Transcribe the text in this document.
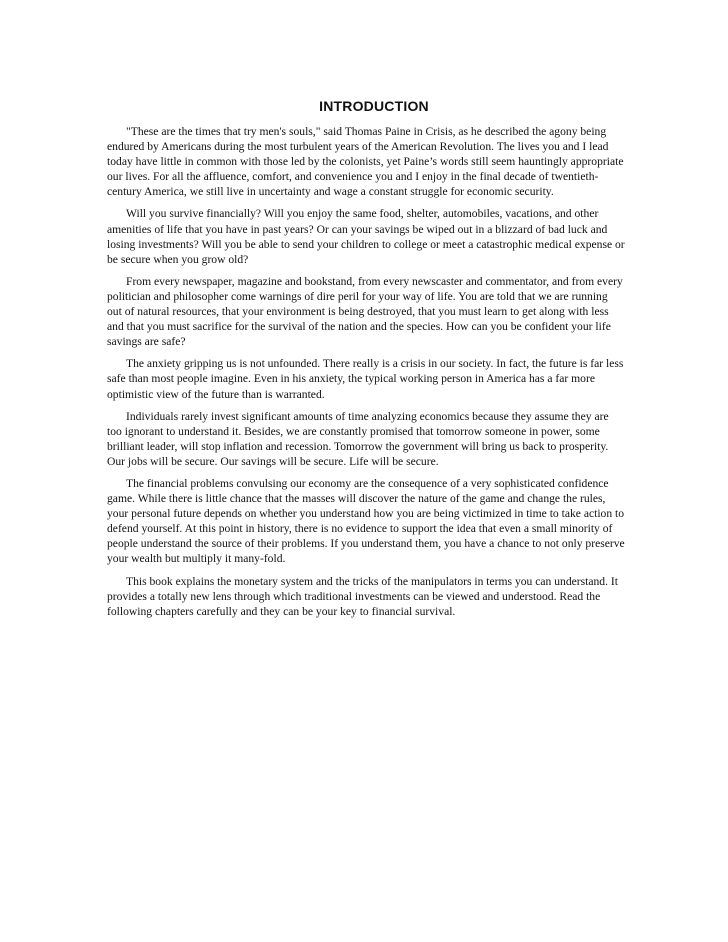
INTRODUCTION

"These are the times that try men's souls," said Thomas Paine in Crisis, as he described the agony being endured by Americans during the most turbulent years of the American Revolution. The lives you and I lead today have little in common with those led by the colonists, yet Paine’s words still seem hauntingly appropriate our lives. For all the affluence, comfort, and convenience you and I enjoy in the final decade of twentieth-century America, we still live in uncertainty and wage a constant struggle for economic security.

Will you survive financially? Will you enjoy the same food, shelter, automobiles, vacations, and other amenities of life that you have in past years? Or can your savings be wiped out in a blizzard of bad luck and losing investments? Will you be able to send your children to college or meet a catastrophic medical expense or be secure when you grow old?

From every newspaper, magazine and bookstand, from every newscaster and commentator, and from every politician and philosopher come warnings of dire peril for your way of life. You are told that we are running out of natural resources, that your environment is being destroyed, that you must learn to get along with less and that you must sacrifice for the survival of the nation and the species. How can you be confident your life savings are safe?

The anxiety gripping us is not unfounded. There really is a crisis in our society. In fact, the future is far less safe than most people imagine. Even in his anxiety, the typical working person in America has a far more optimistic view of the future than is warranted.

Individuals rarely invest significant amounts of time analyzing economics because they assume they are too ignorant to understand it. Besides, we are constantly promised that tomorrow someone in power, some brilliant leader, will stop inflation and recession. Tomorrow the government will bring us back to prosperity. Our jobs will be secure. Our savings will be secure. Life will be secure.

The financial problems convulsing our economy are the consequence of a very sophisticated confidence game. While there is little chance that the masses will discover the nature of the game and change the rules, your personal future depends on whether you understand how you are being victimized in time to take action to defend yourself. At this point in history, there is no evidence to support the idea that even a small minority of people understand the source of their problems. If you understand them, you have a chance to not only preserve your wealth but multiply it many-fold.

This book explains the monetary system and the tricks of the manipulators in terms you can understand. It provides a totally new lens through which traditional investments can be viewed and understood. Read the following chapters carefully and they can be your key to financial survival.
